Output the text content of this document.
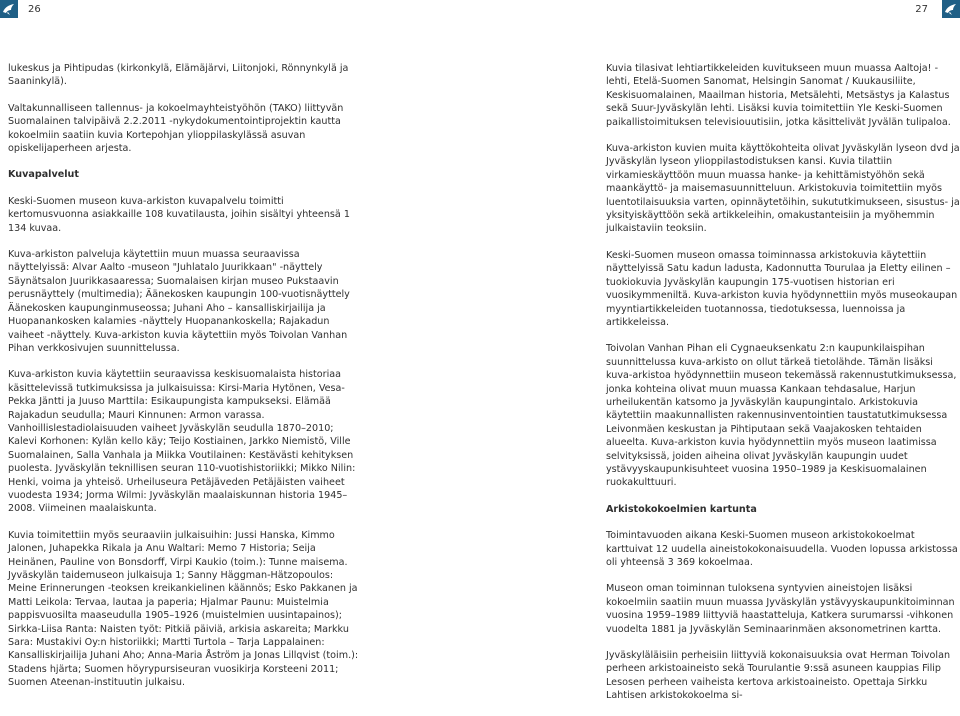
26	27

lukeskus ja Pihtipudas (kirkonkylä, Elämäjärvi, Liitonjoki, Rönnynkylä ja Saaninkylä).

Valtakunnalliseen tallennus- ja kokoelmayhteistyöhön (TAKO) liittyvän Suomalainen talvipäivä 2.2.2011 -nykydokumentointiprojektin kautta kokoelmiin saatiin kuvia Kortepohjan ylioppilaskylässä asuvan opiskelijaperheen arjesta.

Kuvapalvelut

Keski-Suomen museon kuva-arkiston kuvapalvelu toimitti kertomusvuonna asiakkaille 108 kuvatilausta, joihin sisältyi yhteensä 1 134 kuvaa.

Kuva-arkiston palveluja käytettiin muun muassa seuraavissa näyttelyissä: Alvar Aalto -museon "Juhlatalo Juurikkaan" -näyttely Säynätsalon Juurikkasaaressa; Suomalaisen kirjan museo Pukstaavin perusnäyttely (multimedia); Äänekosken kaupungin 100-vuotisnäyttely Äänekosken kaupunginmuseossa; Juhani Aho – kansalliskirjailija ja Huopanankosken kalamies -näyttely Huopanankoskella; Rajakadun vaiheet -näyttely. Kuva-arkiston kuvia käytettiin myös Toivolan Vanhan Pihan verkkosivujen suunnittelussa.

Kuva-arkiston kuvia käytettiin seuraavissa keskisuomalaista historiaa käsittelevissä tutkimuksissa ja julkaisuissa: Kirsi-Maria Hytönen, Vesa-Pekka Jäntti ja Juuso Marttila: Esikaupungista kampukseksi. Elämää Rajakadun seudulla; Mauri Kinnunen: Armon varassa. Vanhoillislestadiolaisuuden vaiheet Jyväskylän seudulla 1870–2010; Kalevi Korhonen: Kylän kello käy; Teijo Kostiainen, Jarkko Niemistö, Ville Suomalainen, Salla Vanhala ja Miikka Voutilainen: Kestävästi kehityksen puolesta. Jyväskylän teknillisen seuran 110-vuotishistoriikki; Mikko Nilin: Henki, voima ja yhteisö. Urheiluseura Petäjäveden Petäjäisten vaiheet vuodesta 1934; Jorma Wilmi: Jyväskylän maalaiskunnan historia 1945–2008. Viimeinen maalaiskunta.

Kuvia toimitettiin myös seuraaviin julkaisuihin: Jussi Hanska, Kimmo Jalonen, Juhapekka Rikala ja Anu Waltari: Memo 7 Historia; Seija Heinänen, Pauline von Bonsdorff, Virpi Kaukio (toim.): Tunne maisema. Jyväskylän taidemuseon julkaisuja 1; Sanny Häggman-Hätzopoulos: Meine Erinnerungen -teoksen kreikankielinen käännös; Esko Pakkanen ja Matti Leikola: Tervaa, lautaa ja paperia; Hjalmar Paunu: Muistelmia pappisvuosilta maaseudulla 1905–1926 (muistelmien uusintapainos); Sirkka-Liisa Ranta: Naisten työt: Pitkiä päiviä, arkisia askareita; Markku Sara: Mustakivi Oy:n historiikki; Martti Turtola – Tarja Lappalainen: Kansalliskirjailija Juhani Aho; Anna-Maria Åström ja Jonas Lillqvist (toim.): Stadens hjärta; Suomen höyrypursiseuran vuosikirja Korsteeni 2011; Suomen Ateenan-instituutin julkaisu.

Kuvia tilasivat lehtiartikkeleiden kuvitukseen muun muassa Aaltoja! -lehti, Etelä-Suomen Sanomat, Helsingin Sanomat / Kuukausiliite, Keskisuomalainen, Maailman historia, Metsälehti, Metsästys ja Kalastus sekä Suur-Jyväskylän lehti. Lisäksi kuvia toimitettiin Yle Keski-Suomen paikallistoimituksen televisiouutisiin, jotka käsittelivät Jyvälän tulipaloa.

Kuva-arkiston kuvien muita käyttökohteita olivat Jyväskylän lyseon dvd ja Jyväskylän lyseon ylioppilastodistuksen kansi. Kuvia tilattiin virkamieskäyttöön muun muassa hanke- ja kehittämistyöhön sekä maankäyttö- ja maisemasuunnitteluun. Arkistokuvia toimitettiin myös luentotilaisuuksia varten, opinnäytetöihin, sukututkimukseen, sisustus- ja yksityiskäyttöön sekä artikkeleihin, omakustanteisiin ja myöhemmin julkaistaviin teoksiin.

Keski-Suomen museon omassa toiminnassa arkistokuvia käytettiin näyttelyissä Satu kadun ladusta, Kadonnutta Tourulaa ja Eletty eilinen – tuokiokuvia Jyväskylän kaupungin 175-vuotisen historian eri vuosikymmeniltä. Kuva-arkiston kuvia hyödynnettiin myös museokaupan myyntiartikkeleiden tuotannossa, tiedotuksessa, luennoissa ja artikkeleissa.

Toivolan Vanhan Pihan eli Cygnaeuksenkatu 2:n kaupunkilaispihan suunnittelussa kuva-arkisto on ollut tärkeä tietolähde. Tämän lisäksi kuva-arkistoa hyödynnettiin museon tekemässä rakennustutkimuksessa, jonka kohteina olivat muun muassa Kankaan tehdasalue, Harjun urheilukentän katsomo ja Jyväskylän kaupungintalo. Arkistokuvia käytettiin maakunnallisten rakennusinventointien taustatutkimuksessa Leivonmäen keskustan ja Pihtiputaan sekä Vaajakosken tehtaiden alueelta. Kuva-arkiston kuvia hyödynnettiin myös museon laatimissa selvityksissä, joiden aiheina olivat Jyväskylän kaupungin uudet ystävyyskaupunkisuhteet vuosina 1950–1989 ja Keskisuomalainen ruokakulttuuri.

Arkistokokoelmien kartunta

Toimintavuoden aikana Keski-Suomen museon arkistokokoelmat karttuivat 12 uudella aineistokokonaisuudella. Vuoden lopussa arkistossa oli yhteensä 3 369 kokoelmaa.

Museon oman toiminnan tuloksena syntyvien aineistojen lisäksi kokoelmiin saatiin muun muassa Jyväskylän ystävyyskaupunkitoiminnan vuosina 1959–1989 liittyviä haastatteluja, Katkera surumarssi -vihkonen vuodelta 1881 ja Jyväskylän Seminaarinmäen aksonometrinen kartta.

Jyväskyläläisiin perheisiin liittyviä kokonaisuuksia ovat Herman Toivolan perheen arkistoaineisto sekä Tourulantie 9:ssä asuneen kauppias Filip Lesosen perheen vaiheista kertova arkistoaineisto. Opettaja Sirkku Lahtisen arkistokokoelma si-
